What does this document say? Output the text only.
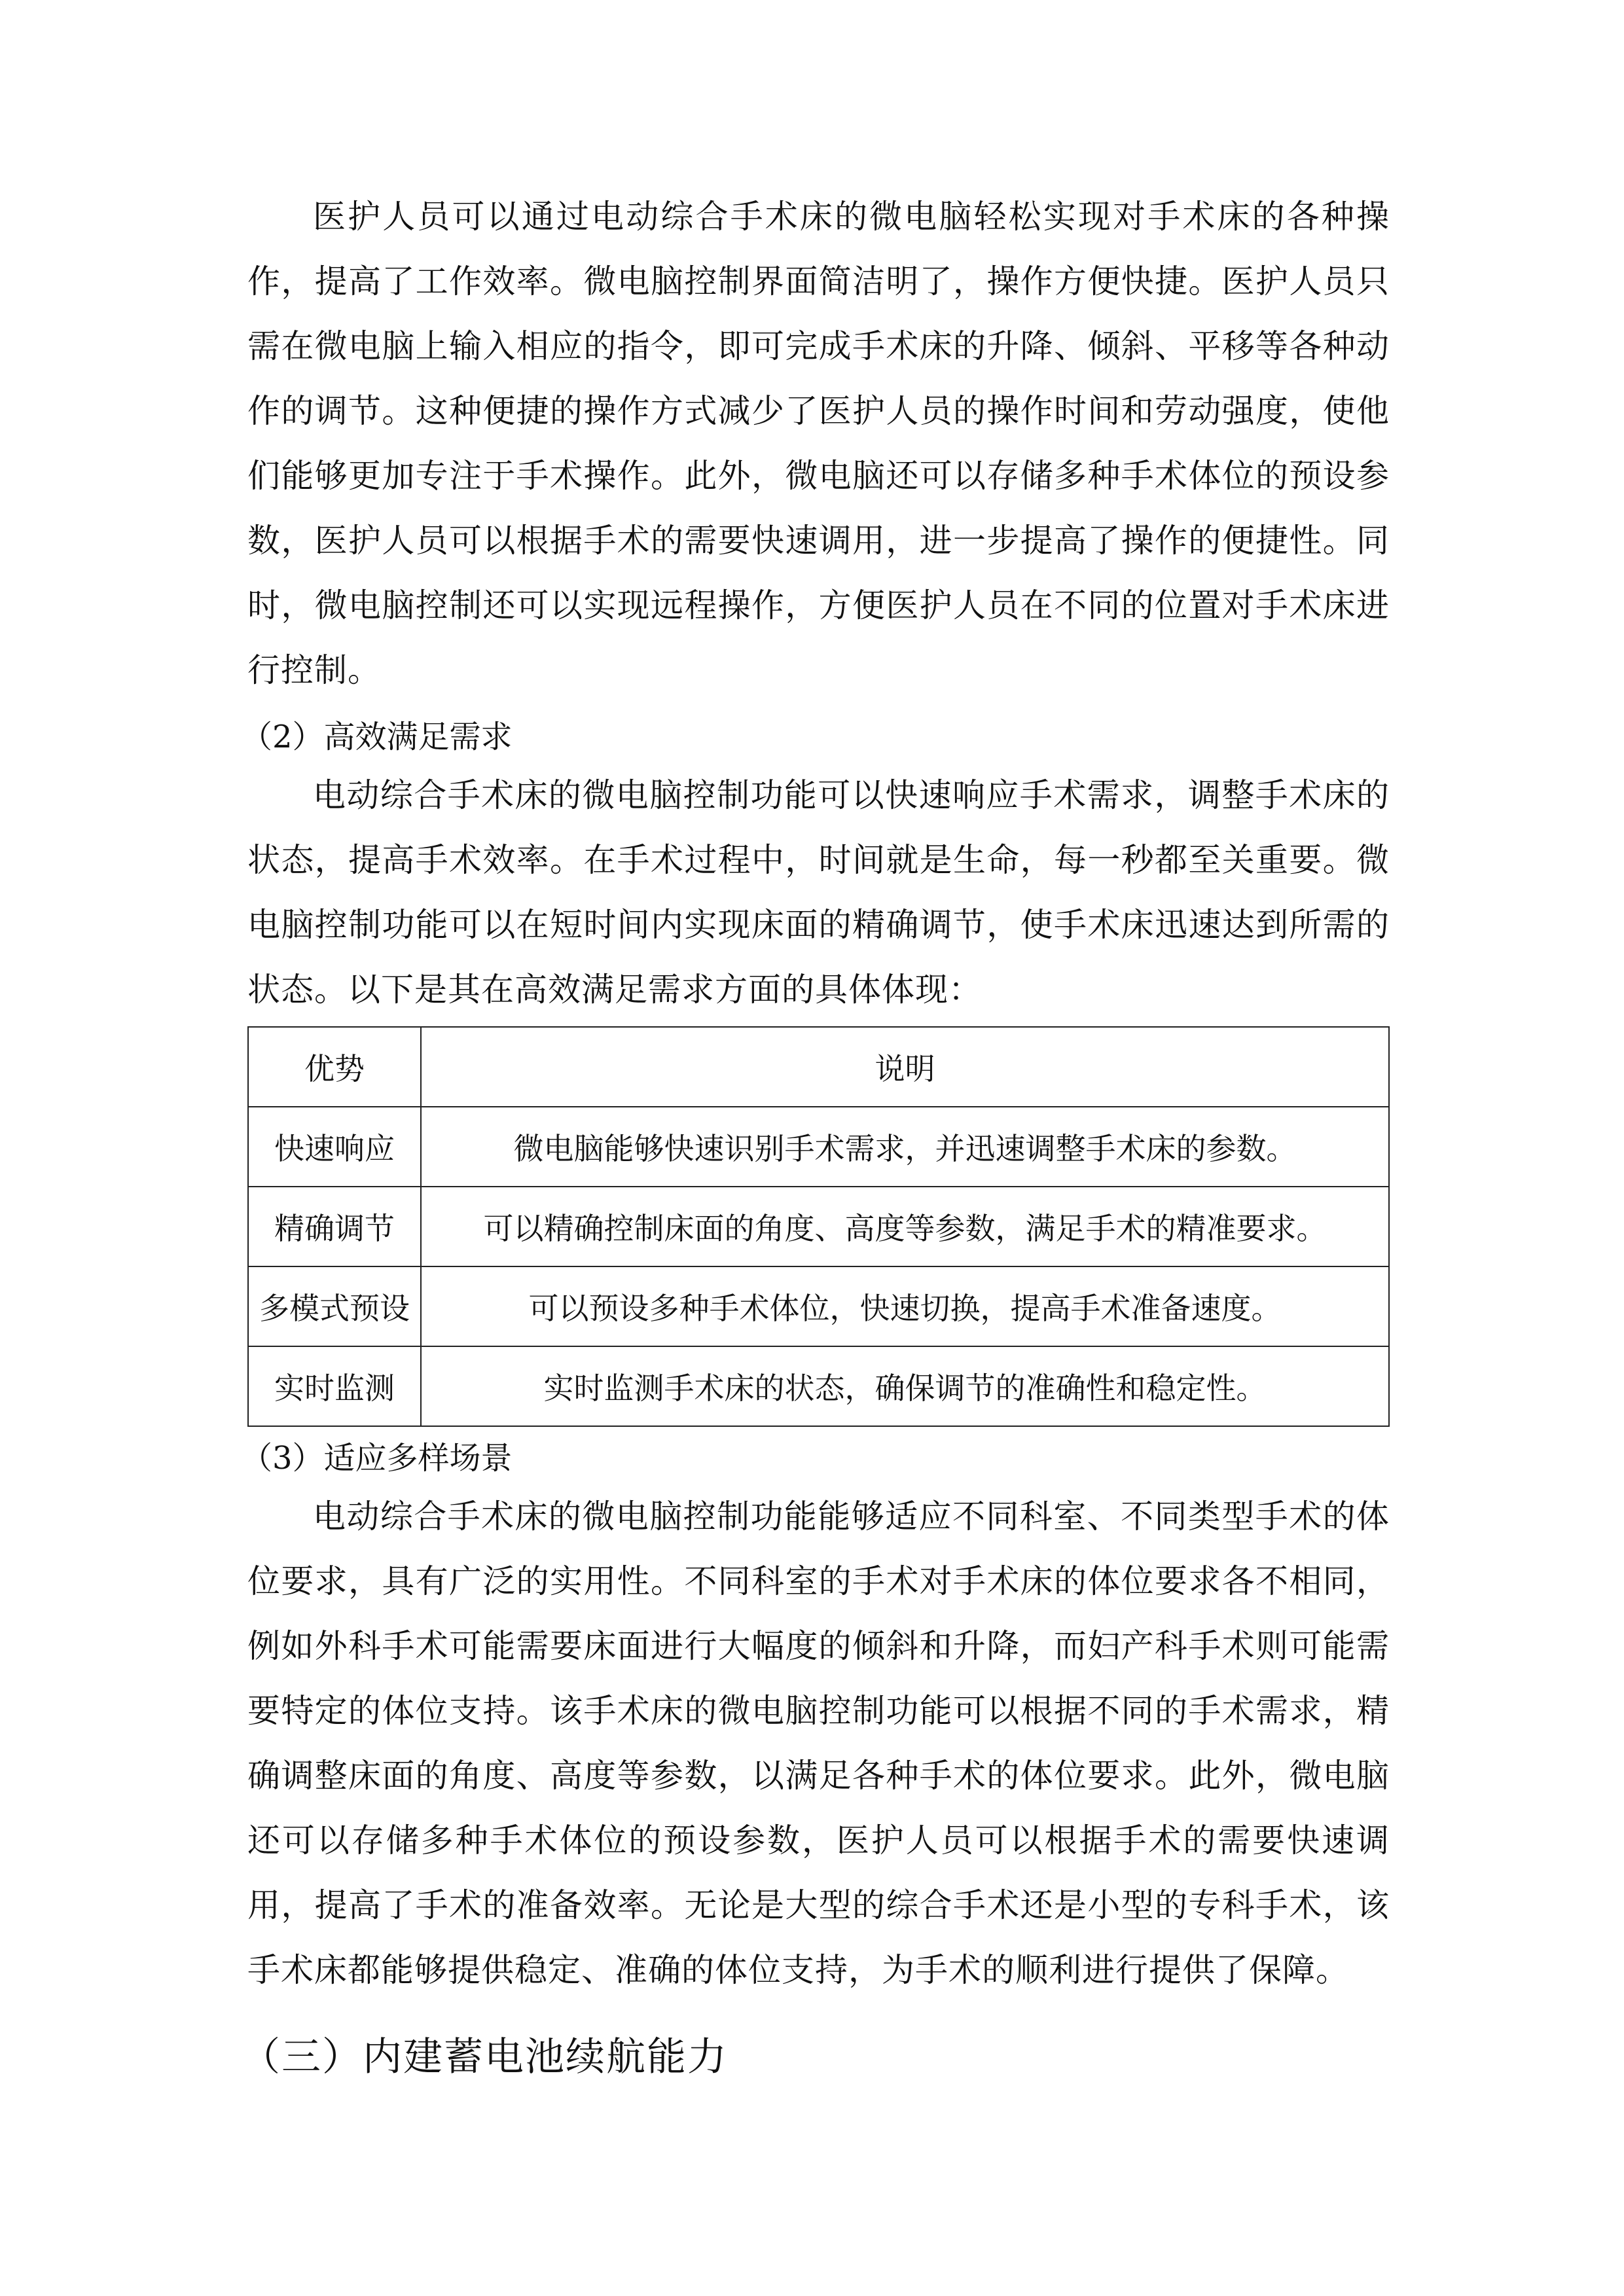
医护人员可以通过电动综合手术床的微电脑轻松实现对手术床的各种操作，提高了工作效率。微电脑控制界面简洁明了，操作方便快捷。医护人员只需在微电脑上输入相应的指令，即可完成手术床的升降、倾斜、平移等各种动作的调节。这种便捷的操作方式减少了医护人员的操作时间和劳动强度，使他们能够更加专注于手术操作。此外，微电脑还可以存储多种手术体位的预设参数，医护人员可以根据手术的需要快速调用，进一步提高了操作的便捷性。同时，微电脑控制还可以实现远程操作，方便医护人员在不同的位置对手术床进行控制。

（2）高效满足需求

电动综合手术床的微电脑控制功能可以快速响应手术需求，调整手术床的状态，提高手术效率。在手术过程中，时间就是生命，每一秒都至关重要。微电脑控制功能可以在短时间内实现床面的精确调节，使手术床迅速达到所需的状态。以下是其在高效满足需求方面的具体体现：

优势	说明
快速响应	微电脑能够快速识别手术需求，并迅速调整手术床的参数。
精确调节	可以精确控制床面的角度、高度等参数，满足手术的精准要求。
多模式预设	可以预设多种手术体位，快速切换，提高手术准备速度。
实时监测	实时监测手术床的状态，确保调节的准确性和稳定性。

（3）适应多样场景

电动综合手术床的微电脑控制功能能够适应不同科室、不同类型手术的体位要求，具有广泛的实用性。不同科室的手术对手术床的体位要求各不相同，例如外科手术可能需要床面进行大幅度的倾斜和升降，而妇产科手术则可能需要特定的体位支持。该手术床的微电脑控制功能可以根据不同的手术需求，精确调整床面的角度、高度等参数，以满足各种手术的体位要求。此外，微电脑还可以存储多种手术体位的预设参数，医护人员可以根据手术的需要快速调用，提高了手术的准备效率。无论是大型的综合手术还是小型的专科手术，该手术床都能够提供稳定、准确的体位支持，为手术的顺利进行提供了保障。

（三）内建蓄电池续航能力
